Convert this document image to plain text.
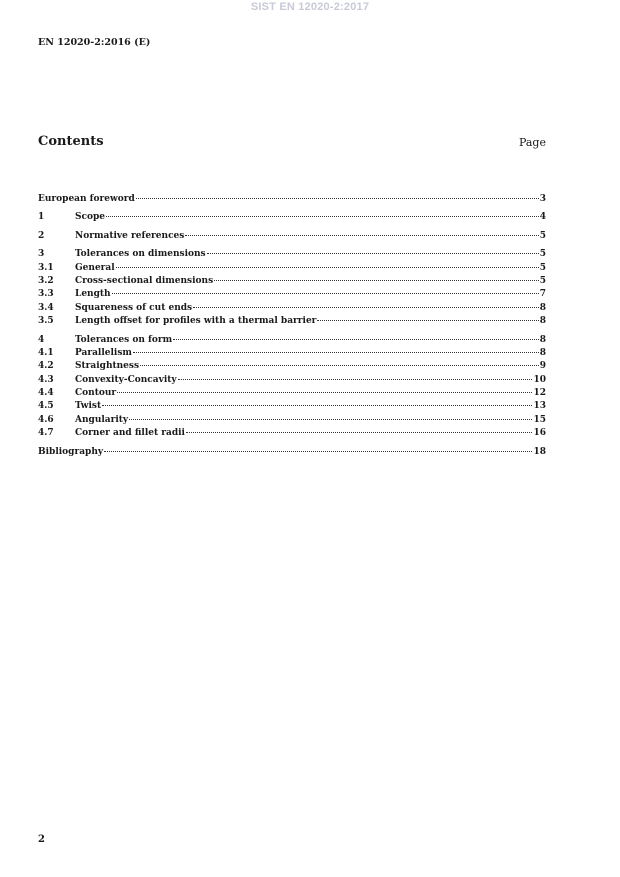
SIST EN 12020-2:2017
EN 12020-2:2016 (E)
Contents	Page
European foreword	3
1	Scope	4
2	Normative references	5
3	Tolerances on dimensions	5
3.1	General	5
3.2	Cross-sectional dimensions	5
3.3	Length	7
3.4	Squareness of cut ends	8
3.5	Length offset for profiles with a thermal barrier	8
4	Tolerances on form	8
4.1	Parallelism	8
4.2	Straightness	9
4.3	Convexity-Concavity	10
4.4	Contour	12
4.5	Twist	13
4.6	Angularity	15
4.7	Corner and fillet radii	16
Bibliography	18
2
